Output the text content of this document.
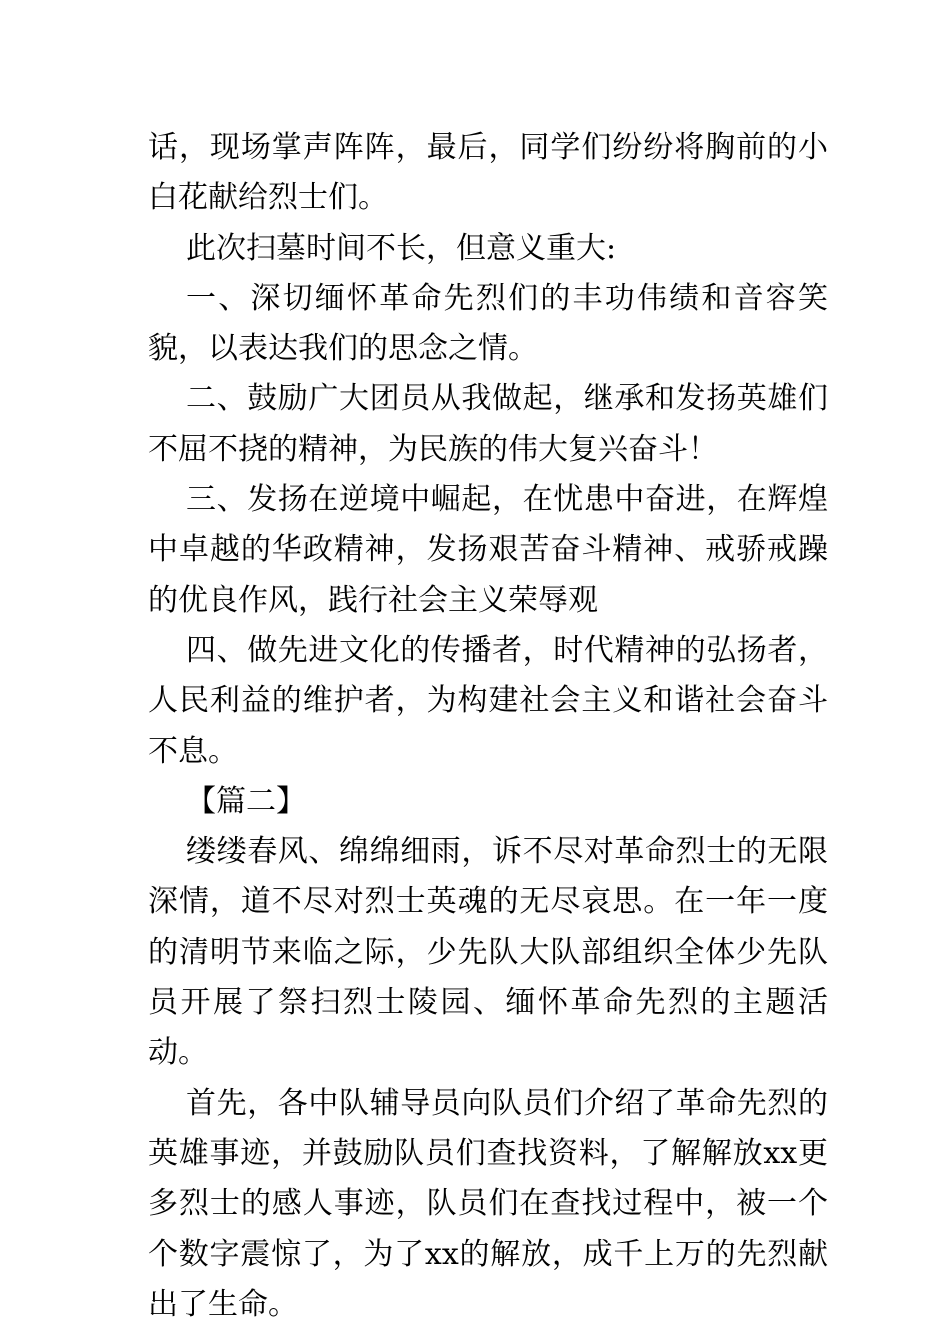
话，现场掌声阵阵，最后，同学们纷纷将胸前的小白花献给烈士们。

此次扫墓时间不长，但意义重大:

一、深切缅怀革命先烈们的丰功伟绩和音容笑貌，以表达我们的思念之情。

二、鼓励广大团员从我做起，继承和发扬英雄们不屈不挠的精神，为民族的伟大复兴奋斗！

三、发扬在逆境中崛起，在忧患中奋进，在辉煌中卓越的华政精神，发扬艰苦奋斗精神、戒骄戒躁的优良作风，践行社会主义荣辱观

四、做先进文化的传播者，时代精神的弘扬者，人民利益的维护者，为构建社会主义和谐社会奋斗不息。

【篇二】

缕缕春风、绵绵细雨，诉不尽对革命烈士的无限深情，道不尽对烈士英魂的无尽哀思。在一年一度的清明节来临之际，少先队大队部组织全体少先队员开展了祭扫烈士陵园、缅怀革命先烈的主题活动。

首先，各中队辅导员向队员们介绍了革命先烈的英雄事迹，并鼓励队员们查找资料，了解解放xx更多烈士的感人事迹，队员们在查找过程中，被一个个数字震惊了，为了xx的解放，成千上万的先烈献出了生命。
